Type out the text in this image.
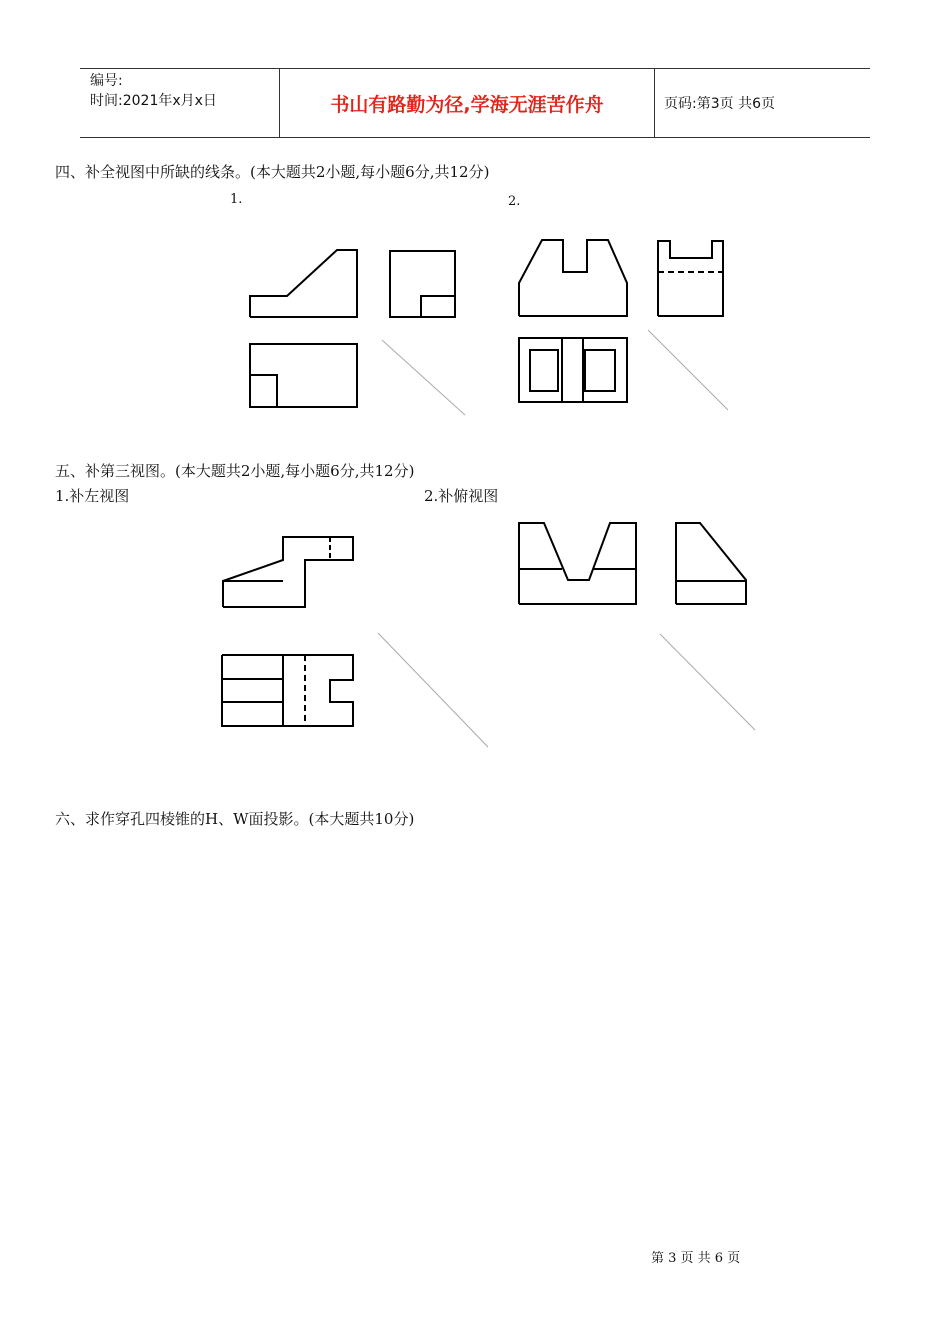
编号:
时间:2021年x月x日	书山有路勤为径,学海无涯苦作舟	页码:第3页 共6页
四、补全视图中所缺的线条。(本大题共2小题,每小题6分,共12分)
1.	2.
五、补第三视图。(本大题共2小题,每小题6分,共12分)
1.补左视图	2.补俯视图
六、求作穿孔四棱锥的H、W面投影。(本大题共10分)
第 3 页 共 6 页
